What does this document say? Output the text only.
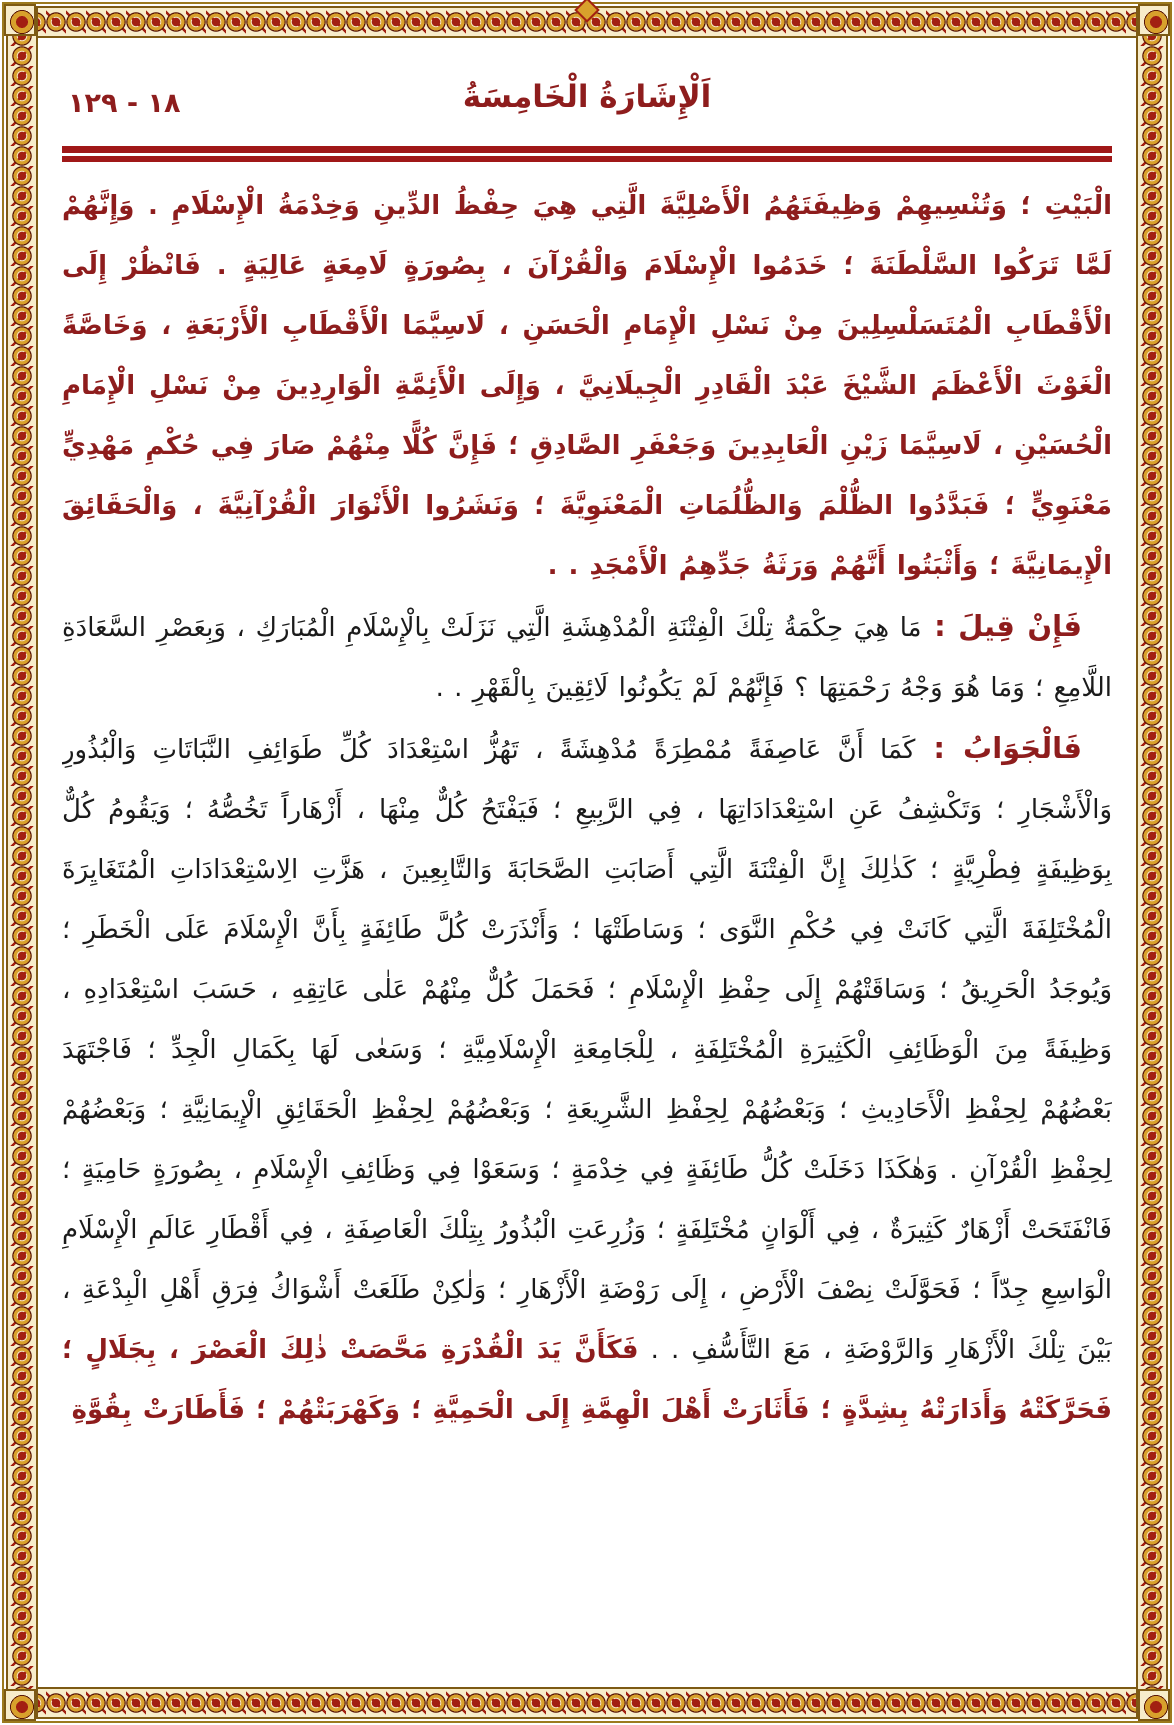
١٨ - ١٢٩	اَلْإِشَارَةُ الْخَامِسَةُ

الْبَيْتِ ؛ وَتُنْسِيهِمْ وَظِيفَتَهُمُ الْأَصْلِيَّةَ الَّتِي هِيَ حِفْظُ الدِّينِ وَخِدْمَةُ الْإِسْلَامِ . وَإِنَّهُمْ لَمَّا تَرَكُوا السَّلْطَنَةَ ؛ خَدَمُوا الْإِسْلَامَ وَالْقُرْآنَ ، بِصُورَةٍ لَامِعَةٍ عَالِيَةٍ . فَانْظُرْ إِلَى الْأَقْطَابِ الْمُتَسَلْسِلِينَ مِنْ نَسْلِ الْإِمَامِ الْحَسَنِ ، لَاسِيَّمَا الْأَقْطَابِ الْأَرْبَعَةِ ، وَخَاصَّةً الْغَوْثَ الْأَعْظَمَ الشَّيْخَ عَبْدَ الْقَادِرِ الْجِيلَانِيَّ ، وَإِلَى الْأَئِمَّةِ الْوَارِدِينَ مِنْ نَسْلِ الْإِمَامِ الْحُسَيْنِ ، لَاسِيَّمَا زَيْنِ الْعَابِدِينَ وَجَعْفَرِ الصَّادِقِ ؛ فَإِنَّ كُلًّا مِنْهُمْ صَارَ فِي حُكْمِ مَهْدِيٍّ مَعْنَوِيٍّ ؛ فَبَدَّدُوا الظُّلْمَ وَالظُّلُمَاتِ الْمَعْنَوِيَّةَ ؛ وَنَشَرُوا الْأَنْوَارَ الْقُرْآنِيَّةَ ، وَالْحَقَائِقَ الْإِيمَانِيَّةَ ؛ وَأَثْبَتُوا أَنَّهُمْ وَرَثَةُ جَدِّهِمُ الْأَمْجَدِ . .

فَإِنْ قِيلَ : مَا هِيَ حِكْمَةُ تِلْكَ الْفِتْنَةِ الْمُدْهِشَةِ الَّتِي نَزَلَتْ بِالْإِسْلَامِ الْمُبَارَكِ ، وَبِعَصْرِ السَّعَادَةِ اللَّامِعِ ؛ وَمَا هُوَ وَجْهُ رَحْمَتِهَا ؟ فَإِنَّهُمْ لَمْ يَكُونُوا لَائِقِينَ بِالْقَهْرِ . .

فَالْجَوَابُ : كَمَا أَنَّ عَاصِفَةً مُمْطِرَةً مُدْهِشَةً ، تَهُزُّ اسْتِعْدَادَ كُلِّ طَوَائِفِ النَّبَاتَاتِ وَالْبُذُورِ وَالْأَشْجَارِ ؛ وَتَكْشِفُ عَنِ اسْتِعْدَادَاتِهَا ، فِي الرَّبِيعِ ؛ فَيَفْتَحُ كُلٌّ مِنْهَا ، أَزْهَاراً تَخُصُّهُ ؛ وَيَقُومُ كُلٌّ بِوَظِيفَةٍ فِطْرِيَّةٍ ؛ كَذٰلِكَ إِنَّ الْفِتْنَةَ الَّتِي أَصَابَتِ الصَّحَابَةَ وَالتَّابِعِينَ ، هَزَّتِ الِاسْتِعْدَادَاتِ الْمُتَغَايِرَةَ الْمُخْتَلِفَةَ الَّتِي كَانَتْ فِي حُكْمِ النَّوَى ؛ وَسَاطَتْهَا ؛ وَأَنْذَرَتْ كُلَّ طَائِفَةٍ بِأَنَّ الْإِسْلَامَ عَلَى الْخَطَرِ ؛ وَيُوجَدُ الْحَرِيقُ ؛ وَسَاقَتْهُمْ إِلَى حِفْظِ الْإِسْلَامِ ؛ فَحَمَلَ كُلٌّ مِنْهُمْ عَلٰى عَاتِقِهِ ، حَسَبَ اسْتِعْدَادِهِ ، وَظِيفَةً مِنَ الْوَظَائِفِ الْكَثِيرَةِ الْمُخْتَلِفَةِ ، لِلْجَامِعَةِ الْإِسْلَامِيَّةِ ؛ وَسَعٰى لَهَا بِكَمَالِ الْجِدِّ ؛ فَاجْتَهَدَ بَعْضُهُمْ لِحِفْظِ الْأَحَادِيثِ ؛ وَبَعْضُهُمْ لِحِفْظِ الشَّرِيعَةِ ؛ وَبَعْضُهُمْ لِحِفْظِ الْحَقَائِقِ الْإِيمَانِيَّةِ ؛ وَبَعْضُهُمْ لِحِفْظِ الْقُرْآنِ . وَهٰكَذَا دَخَلَتْ كُلُّ طَائِفَةٍ فِي خِدْمَةٍ ؛ وَسَعَوْا فِي وَظَائِفِ الْإِسْلَامِ ، بِصُورَةٍ حَامِيَةٍ ؛ فَانْفَتَحَتْ أَزْهَارٌ كَثِيرَةٌ ، فِي أَلْوَانٍ مُخْتَلِفَةٍ ؛ وَزُرِعَتِ الْبُذُورُ بِتِلْكَ الْعَاصِفَةِ ، فِي أَقْطَارِ عَالَمِ الْإِسْلَامِ الْوَاسِعِ جِدّاً ؛ فَحَوَّلَتْ نِصْفَ الْأَرْضِ ، إِلَى رَوْضَةِ الْأَزْهَارِ ؛ وَلٰكِنْ طَلَعَتْ أَشْوَاكُ فِرَقِ أَهْلِ الْبِدْعَةِ ، بَيْنَ تِلْكَ الْأَزْهَارِ وَالرَّوْضَةِ ، مَعَ التَّأَسُّفِ . . فَكَأَنَّ يَدَ الْقُدْرَةِ مَحَّصَتْ ذٰلِكَ الْعَصْرَ ، بِجَلَالٍ ؛ فَحَرَّكَتْهُ وَأَدَارَتْهُ بِشِدَّةٍ ؛ فَأَثَارَتْ أَهْلَ الْهِمَّةِ إِلَى الْحَمِيَّةِ ؛ وَكَهْرَبَتْهُمْ ؛ فَأَطَارَتْ بِقُوَّةِ
